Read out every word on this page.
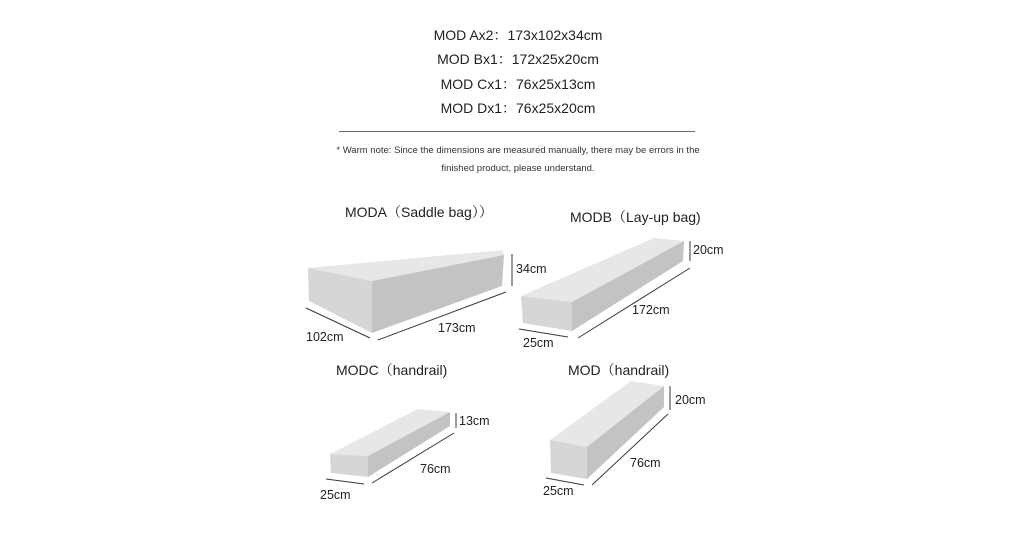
MOD Ax2：173x102x34cm
MOD Bx1：172x25x20cm
MOD Cx1：76x25x13cm
MOD Dx1：76x25x20cm
* Warm note: Since the dimensions are measured manually, there may be errors in the
finished product, please understand.
MODA（Saddle bag））	MODB（Lay-up bag)
MODC（handrail)	MOD（handrail)
34cm
173cm
102cm
20cm
172cm
25cm
13cm
76cm
25cm
20cm
76cm
25cm
